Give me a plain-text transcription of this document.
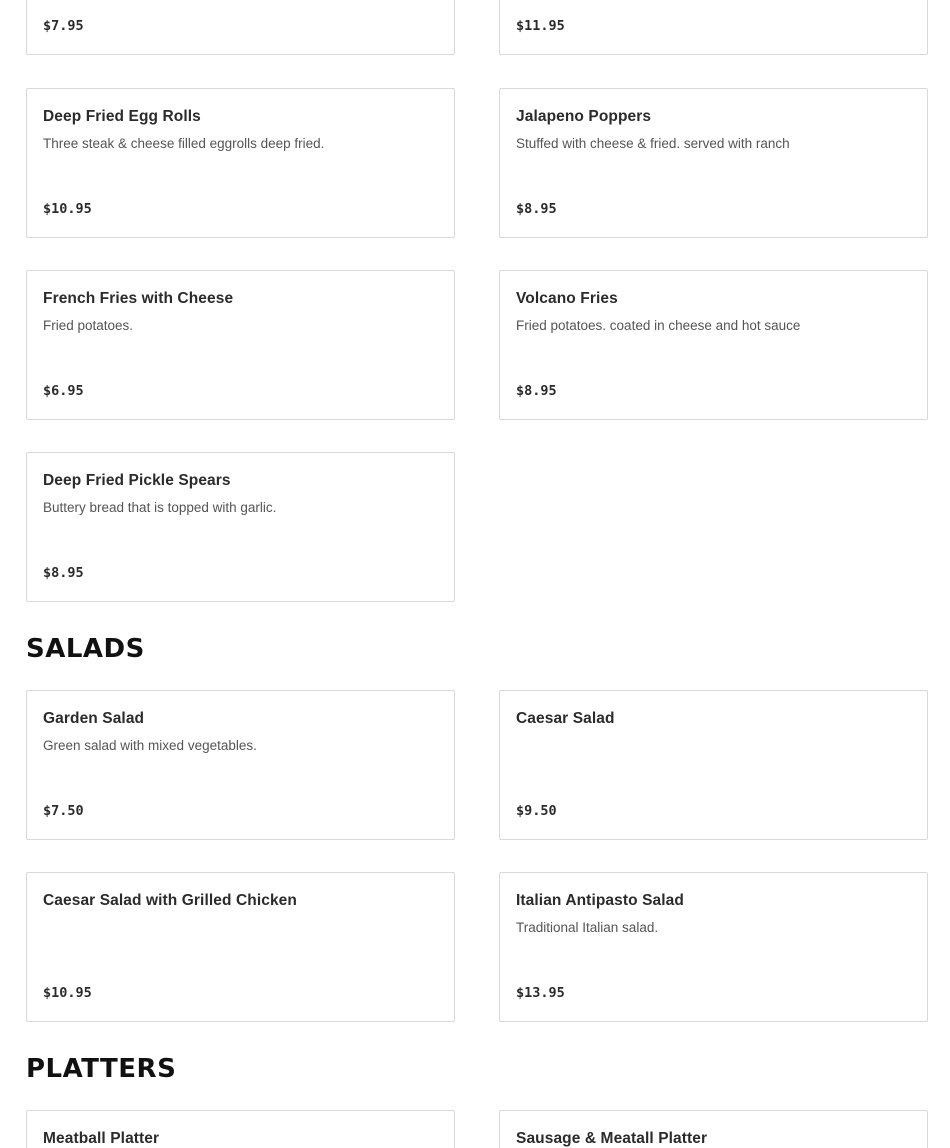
$7.95	$11.95
Deep Fried Egg Rolls
Three steak & cheese filled eggrolls deep fried.
$10.95
Jalapeno Poppers
Stuffed with cheese & fried. served with ranch
$8.95
French Fries with Cheese
Fried potatoes.
$6.95
Volcano Fries
Fried potatoes. coated in cheese and hot sauce
$8.95
Deep Fried Pickle Spears
Buttery bread that is topped with garlic.
$8.95
SALADS
Garden Salad
Green salad with mixed vegetables.
$7.50
Caesar Salad
$9.50
Caesar Salad with Grilled Chicken
$10.95
Italian Antipasto Salad
Traditional Italian salad.
$13.95
PLATTERS
Meatball Platter	Sausage & Meatall Platter
